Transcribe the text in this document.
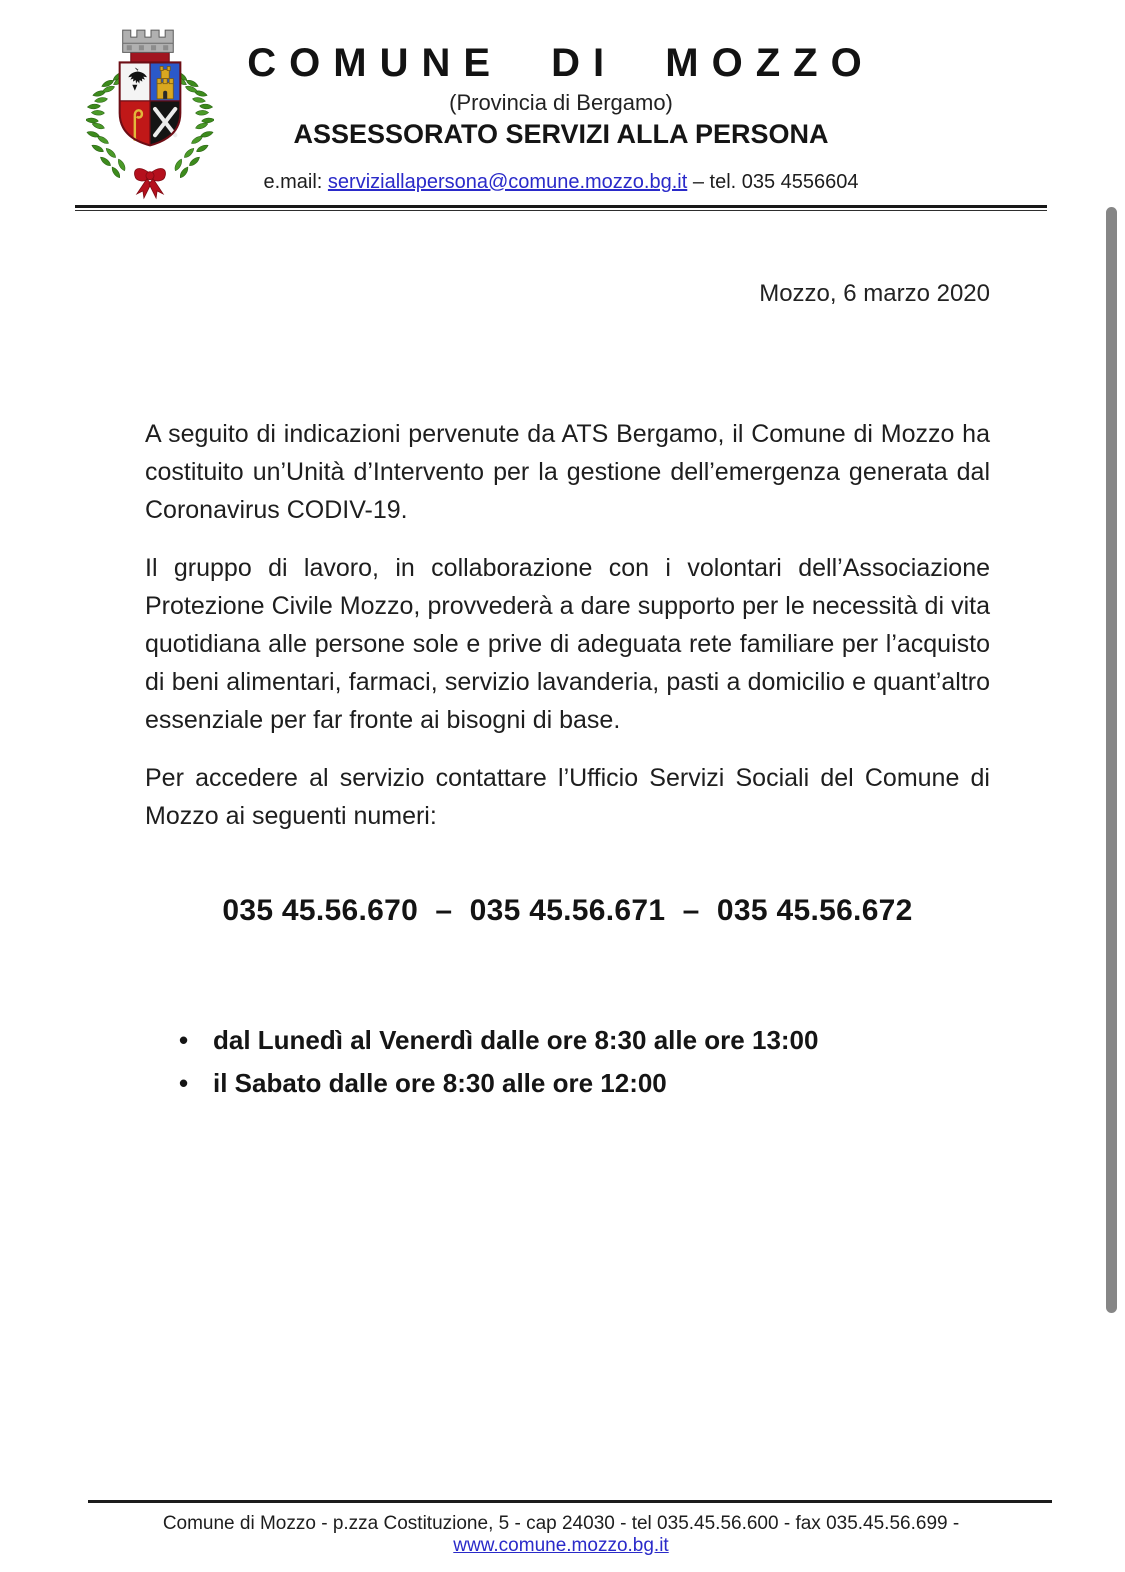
COMUNE DI MOZZO
(Provincia di Bergamo)
ASSESSORATO SERVIZI ALLA PERSONA
e.mail: serviziallapersona@comune.mozzo.bg.it – tel. 035 4556604
Mozzo, 6 marzo 2020

A seguito di indicazioni pervenute da ATS Bergamo, il Comune di Mozzo ha costituito un’Unità d’Intervento per la gestione dell’emergenza generata dal Coronavirus CODIV-19.

Il gruppo di lavoro, in collaborazione con i volontari dell’Associazione Protezione Civile Mozzo, provvederà a dare supporto per le necessità di vita quotidiana alle persone sole e prive di adeguata rete familiare per l’acquisto di beni alimentari, farmaci, servizio lavanderia, pasti a domicilio e quant’altro essenziale per far fronte ai bisogni di base.

Per accedere al servizio contattare l’Ufficio Servizi Sociali del Comune di Mozzo ai seguenti numeri:

035 45.56.670  –  035 45.56.671  –  035 45.56.672
• dal Lunedì al Venerdì dalle ore 8:30 alle ore 13:00
• il Sabato dalle ore 8:30 alle ore 12:00
Comune di Mozzo - p.zza Costituzione, 5 - cap 24030 - tel 035.45.56.600 - fax 035.45.56.699 - www.comune.mozzo.bg.it
